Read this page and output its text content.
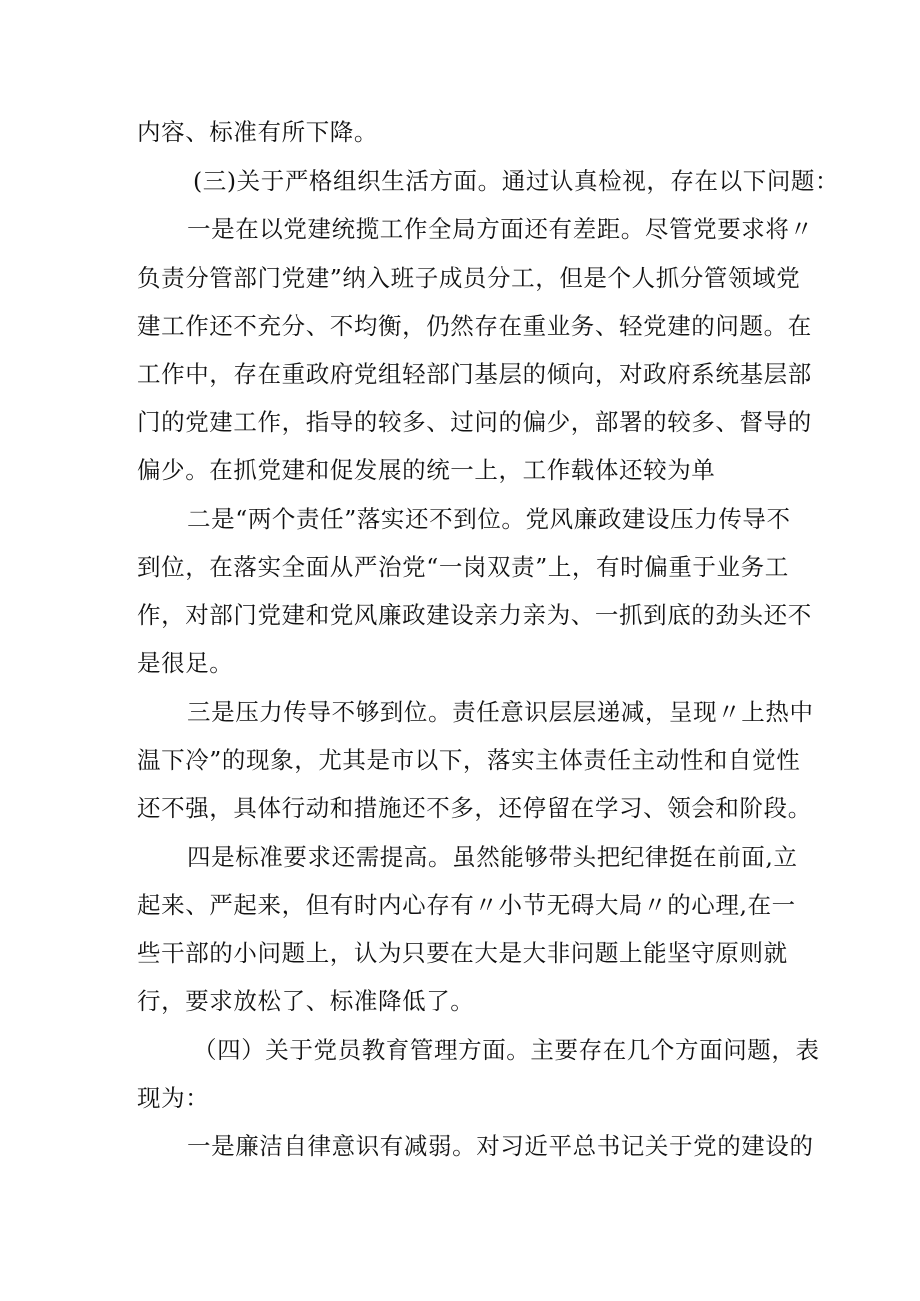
内容、标准有所下降。
(三)关于严格组织生活方面。通过认真检视，存在以下问题：
一是在以党建统揽工作全局方面还有差距。尽管党要求将〃
负责分管部门党建”纳入班子成员分工，但是个人抓分管领域党
建工作还不充分、不均衡，仍然存在重业务、轻党建的问题。在
工作中，存在重政府党组轻部门基层的倾向，对政府系统基层部
门的党建工作，指导的较多、过问的偏少，部署的较多、督导的
偏少。在抓党建和促发展的统一上，工作载体还较为单
二是“两个责任”落实还不到位。党风廉政建设压力传导不
到位，在落实全面从严治党“一岗双责”上，有时偏重于业务工
作，对部门党建和党风廉政建设亲力亲为、一抓到底的劲头还不
是很足。
三是压力传导不够到位。责任意识层层递减，呈现〃上热中
温下冷”的现象，尤其是市以下，落实主体责任主动性和自觉性
还不强，具体行动和措施还不多，还停留在学习、领会和阶段。
四是标准要求还需提高。虽然能够带头把纪律挺在前面,立
起来、严起来，但有时内心存有〃小节无碍大局〃的心理,在一
些干部的小问题上，认为只要在大是大非问题上能坚守原则就
行，要求放松了、标准降低了。
（四）关于党员教育管理方面。主要存在几个方面问题，表
现为：
一是廉洁自律意识有减弱。对习近平总书记关于党的建设的
